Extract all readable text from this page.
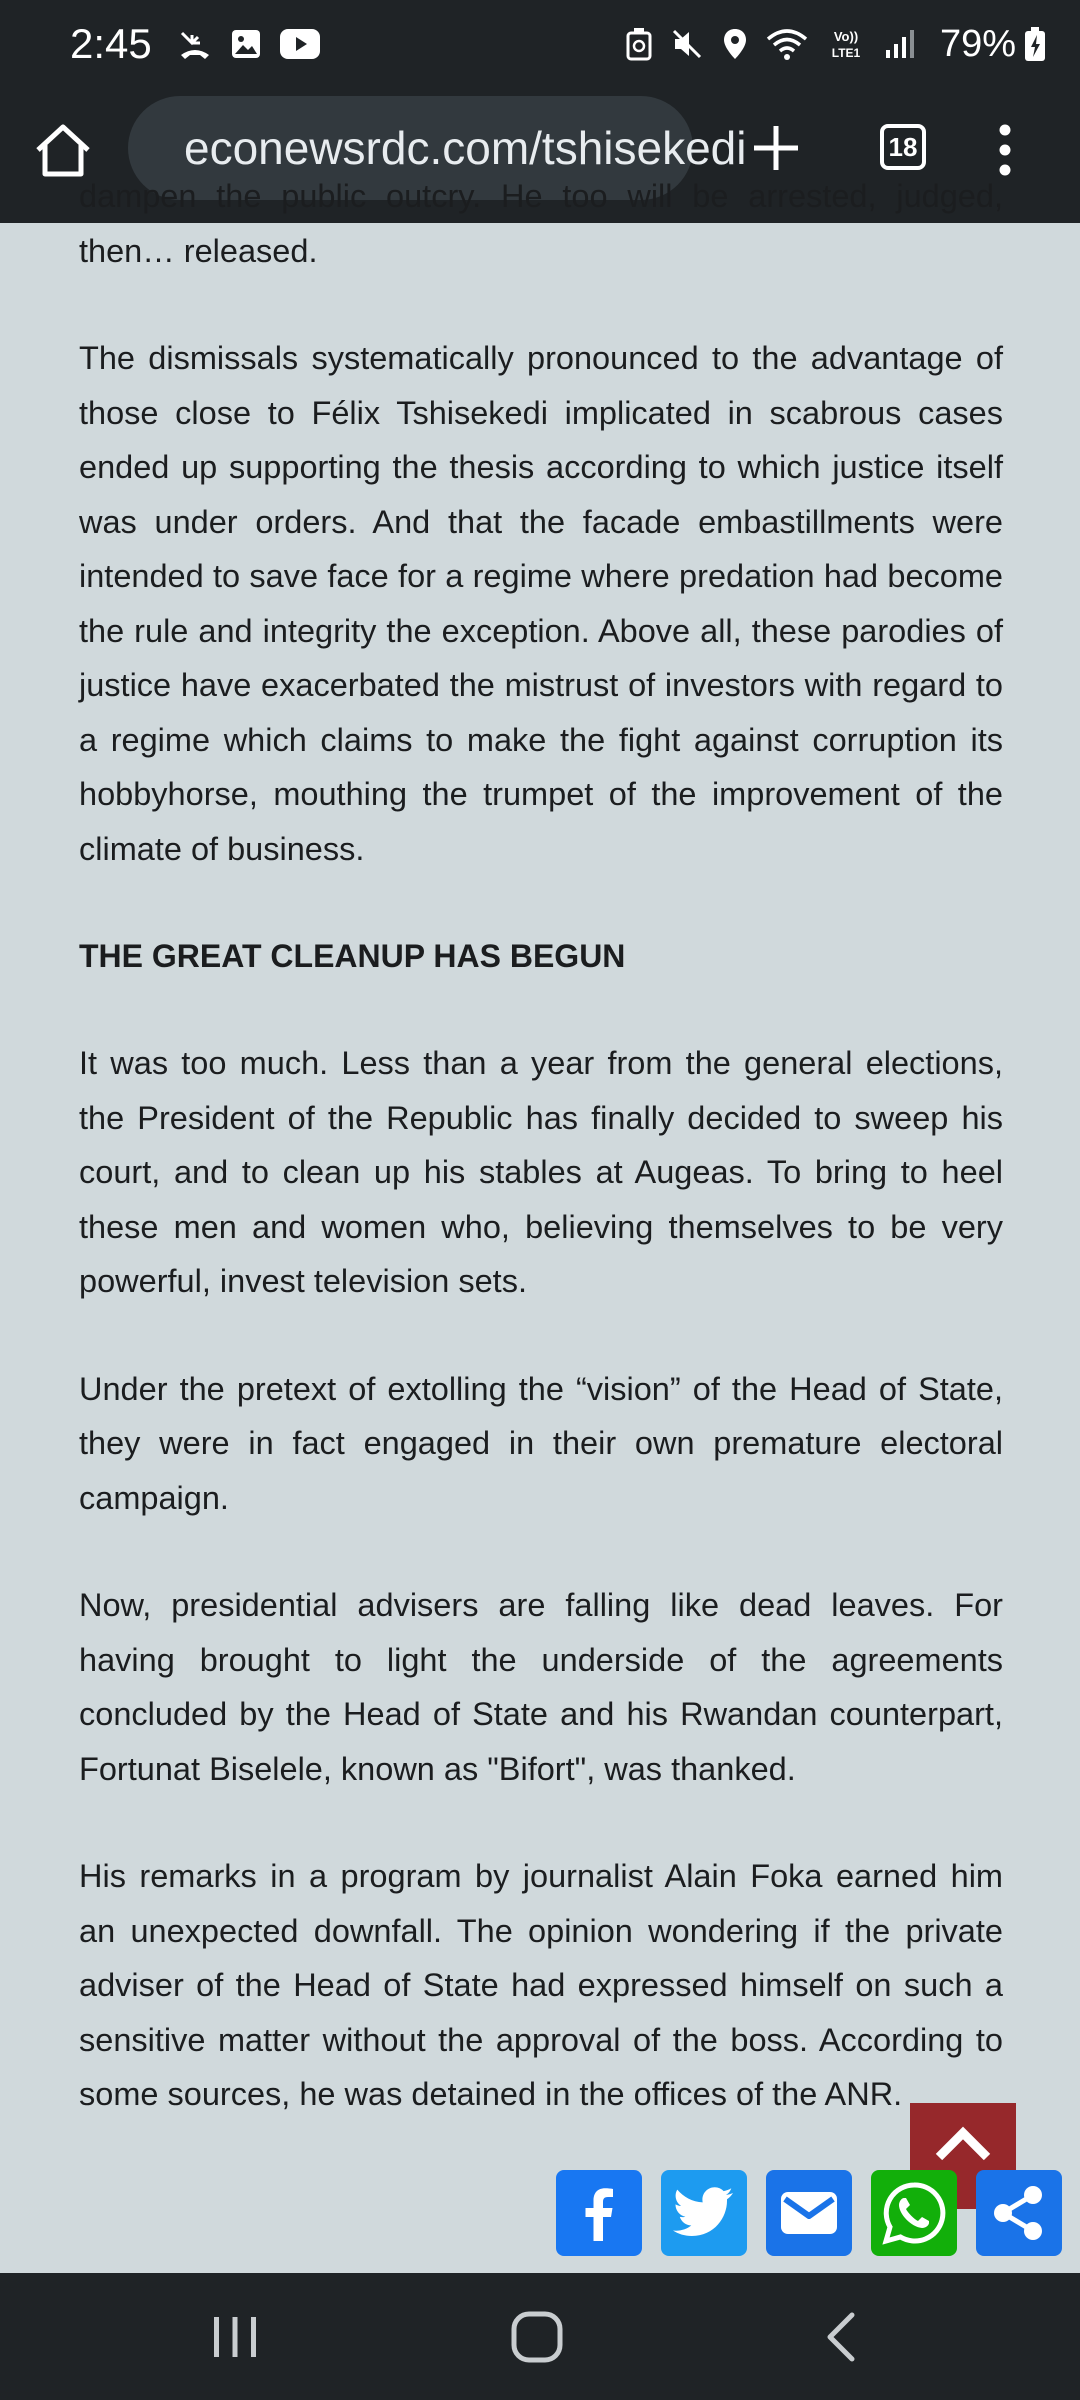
2:45	Vo))
LTE1 79%
econewsrdc.com/tshisekedi	18

dampen the public outcry. He too will be arrested, judged, then… released.

The dismissals systematically pronounced to the advantage of those close to Félix Tshisekedi implicated in scabrous cases ended up supporting the thesis according to which justice itself was under orders. And that the facade embastillments were intended to save face for a regime where predation had become the rule and integrity the exception. Above all, these parodies of justice have exacerbated the mistrust of investors with regard to a regime which claims to make the fight against corruption its hobbyhorse, mouthing the trumpet of the improvement of the climate of business.

THE GREAT CLEANUP HAS BEGUN

It was too much. Less than a year from the general elections, the President of the Republic has finally decided to sweep his court, and to clean up his stables at Augeas. To bring to heel these men and women who, believing themselves to be very powerful, invest television sets.

Under the pretext of extolling the “vision” of the Head of State, they were in fact engaged in their own premature electoral campaign.

Now, presidential advisers are falling like dead leaves. For having brought to light the underside of the agreements concluded by the Head of State and his Rwandan counterpart, Fortunat Biselele, known as "Bifort", was thanked.

His remarks in a program by journalist Alain Foka earned him an unexpected downfall. The opinion wondering if the private adviser of the Head of State had expressed himself on such a sensitive matter without the approval of the boss. According to some sources, he was detained in the offices of the ANR.
